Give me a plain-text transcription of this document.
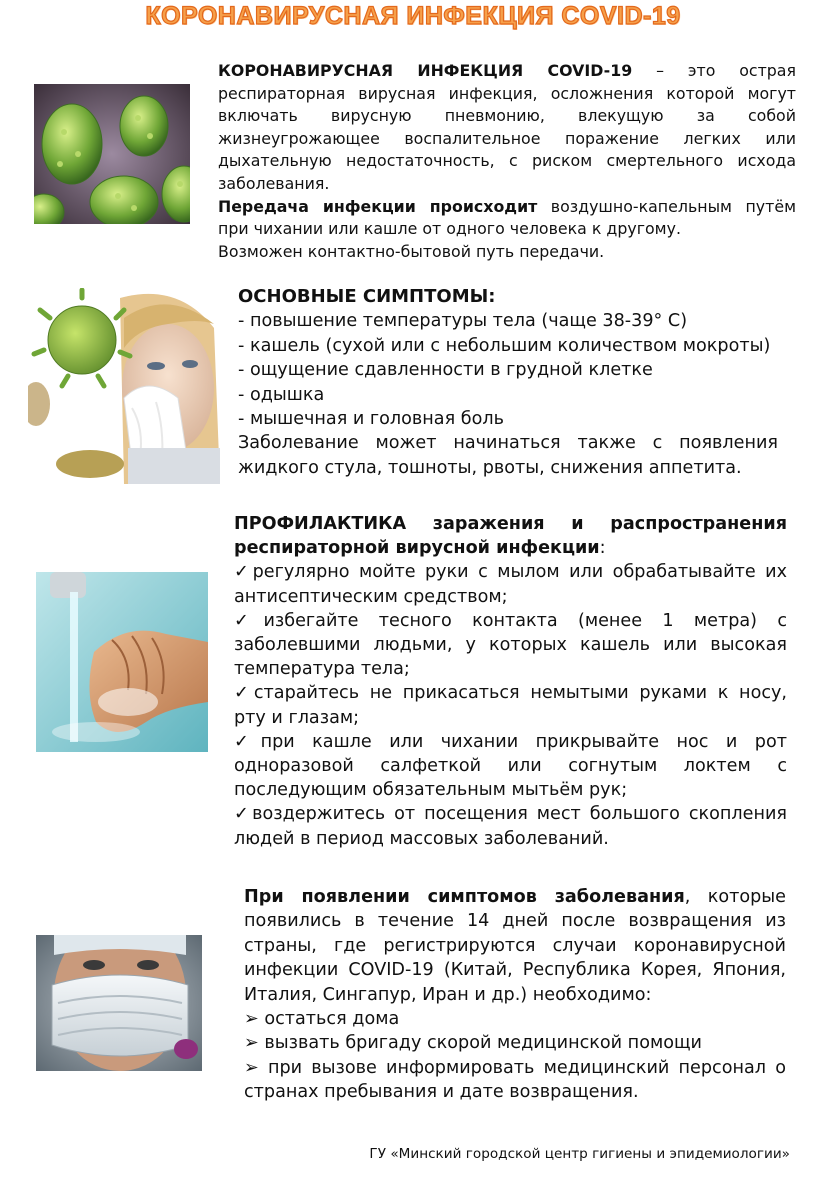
КОРОНАВИРУСНАЯ ИНФЕКЦИЯ COVID-19

КОРОНАВИРУСНАЯ ИНФЕКЦИЯ COVID-19 – это острая респираторная вирусная инфекция, осложнения которой могут включать вирусную пневмонию, влекущую за собой жизнеугрожающее воспалительное поражение легких или дыхательную недостаточность, с риском смертельного исхода заболевания.

Передача инфекции происходит воздушно-капельным путём при чихании или кашле от одного человека к другому.

Возможен контактно-бытовой путь передачи.

ОСНОВНЫЕ СИМПТОМЫ:

- повышение температуры тела (чаще 38-39° С)

- кашель (сухой или с небольшим количеством мокроты)

- ощущение сдавленности в грудной клетке

- одышка

- мышечная и головная боль

Заболевание может начинаться также с появления жидкого стула, тошноты, рвоты, снижения аппетита.

ПРОФИЛАКТИКА заражения и распространения респираторной вирусной инфекции:

✓регулярно мойте руки с мылом или обрабатывайте их антисептическим средством;

✓избегайте тесного контакта (менее 1 метра) с заболевшими людьми, у которых кашель или высокая температура тела;

✓старайтесь не прикасаться немытыми руками к носу, рту и глазам;

✓при кашле или чихании прикрывайте нос и рот одноразовой салфеткой или согнутым локтем с последующим обязательным мытьём рук;

✓воздержитесь от посещения мест большого скопления людей в период массовых заболеваний.

При появлении симптомов заболевания, которые появились в течение 14 дней после возвращения из страны, где регистрируются случаи коронавирусной инфекции COVID-19 (Китай, Республика Корея, Япония, Италия, Сингапур, Иран и др.) необходимо:

➢ остаться дома

➢ вызвать бригаду скорой медицинской помощи

➢ при вызове информировать медицинский персонал о странах пребывания и дате возвращения.

ГУ «Минский городской центр гигиены и эпидемиологии»
